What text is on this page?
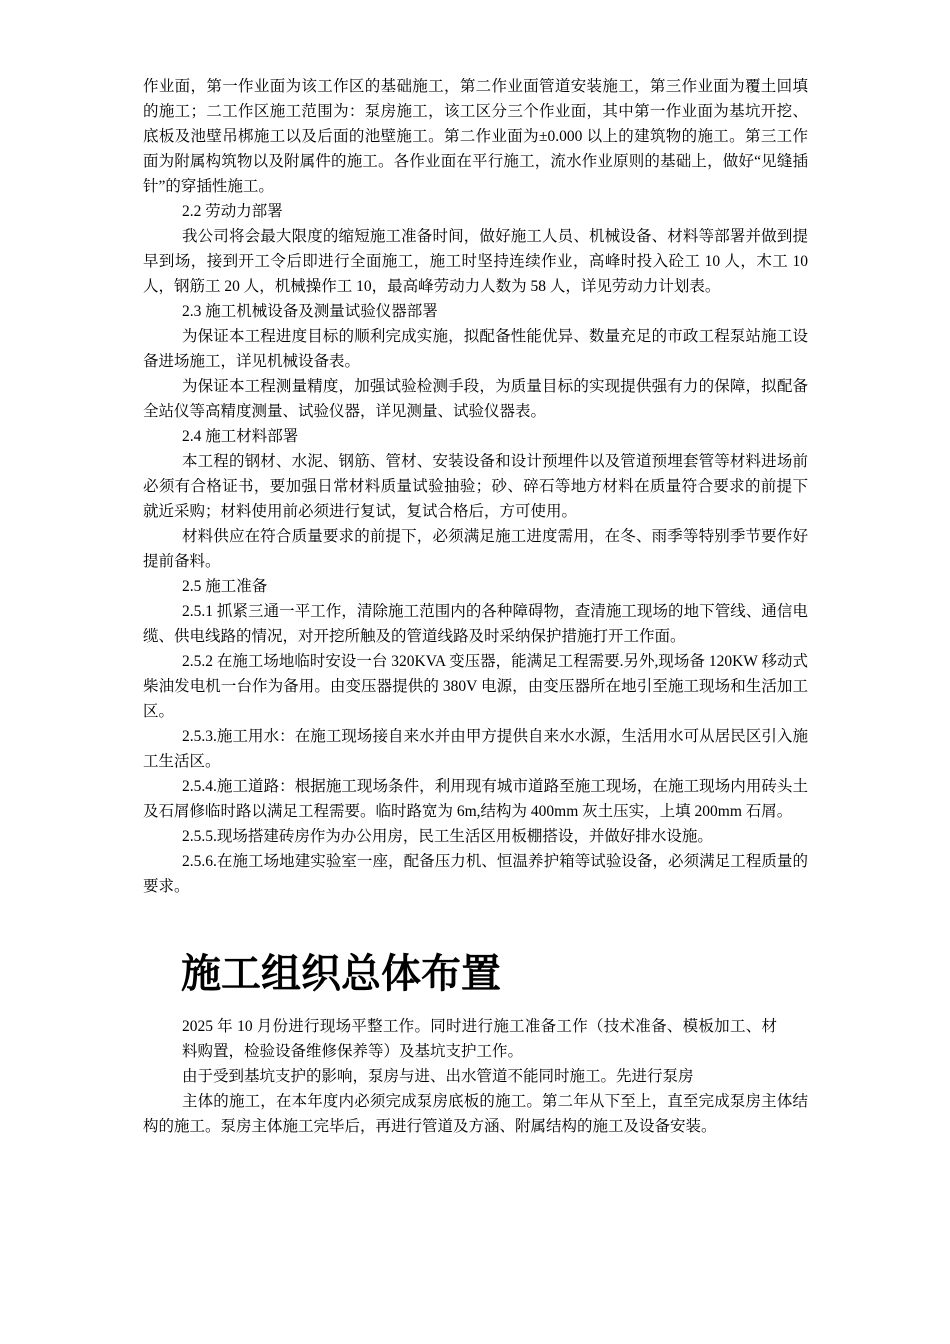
作业面，第一作业面为该工作区的基础施工，第二作业面管道安装施工，第三作业面为覆土回填的施工；二工作区施工范围为：泵房施工，该工区分三个作业面，其中第一作业面为基坑开挖、底板及池壁吊梆施工以及后面的池壁施工。第二作业面为±0.000 以上的建筑物的施工。第三工作面为附属构筑物以及附属件的施工。各作业面在平行施工，流水作业原则的基础上，做好“见缝插针”的穿插性施工。

2.2 劳动力部署

我公司将会最大限度的缩短施工准备时间，做好施工人员、机械设备、材料等部署并做到提早到场，接到开工令后即进行全面施工，施工时坚持连续作业，高峰时投入砼工 10 人，木工 10 人，钢筋工 20 人，机械操作工 10，最高峰劳动力人数为 58 人，详见劳动力计划表。

2.3 施工机械设备及测量试验仪器部署

为保证本工程进度目标的顺利完成实施，拟配备性能优异、数量充足的市政工程泵站施工设备进场施工，详见机械设备表。

为保证本工程测量精度，加强试验检测手段，为质量目标的实现提供强有力的保障，拟配备全站仪等高精度测量、试验仪器，详见测量、试验仪器表。

2.4 施工材料部署

本工程的钢材、水泥、钢筋、管材、安装设备和设计预埋件以及管道预埋套管等材料进场前必须有合格证书，要加强日常材料质量试验抽验；砂、碎石等地方材料在质量符合要求的前提下就近采购；材料使用前必须进行复试，复试合格后，方可使用。

材料供应在符合质量要求的前提下，必须满足施工进度需用，在冬、雨季等特别季节要作好提前备料。

2.5 施工准备

2.5.1 抓紧三通一平工作，清除施工范围内的各种障碍物，查清施工现场的地下管线、通信电缆、供电线路的情况，对开挖所触及的管道线路及时采纳保护措施打开工作面。

2.5.2 在施工场地临时安设一台 320KVA 变压器，能满足工程需要.另外,现场备 120KW 移动式柴油发电机一台作为备用。由变压器提供的 380V 电源，由变压器所在地引至施工现场和生活加工区。

2.5.3.施工用水：在施工现场接自来水并由甲方提供自来水水源，生活用水可从居民区引入施工生活区。

2.5.4.施工道路：根据施工现场条件，利用现有城市道路至施工现场，在施工现场内用砖头土及石屑修临时路以满足工程需要。临时路宽为 6m,结构为 400mm 灰土压实，上填 200mm 石屑。

2.5.5.现场搭建砖房作为办公用房，民工生活区用板棚搭设，并做好排水设施。

2.5.6.在施工场地建实验室一座，配备压力机、恒温养护箱等试验设备，必须满足工程质量的要求。

施工组织总体布置

2025 年 10 月份进行现场平整工作。同时进行施工准备工作（技术准备、模板加工、材料购置，检验设备维修保养等）及基坑支护工作。

由于受到基坑支护的影响，泵房与进、出水管道不能同时施工。先进行泵房

主体的施工，在本年度内必须完成泵房底板的施工。第二年从下至上，直至完成泵房主体结构的施工。泵房主体施工完毕后，再进行管道及方涵、附属结构的施工及设备安装。
